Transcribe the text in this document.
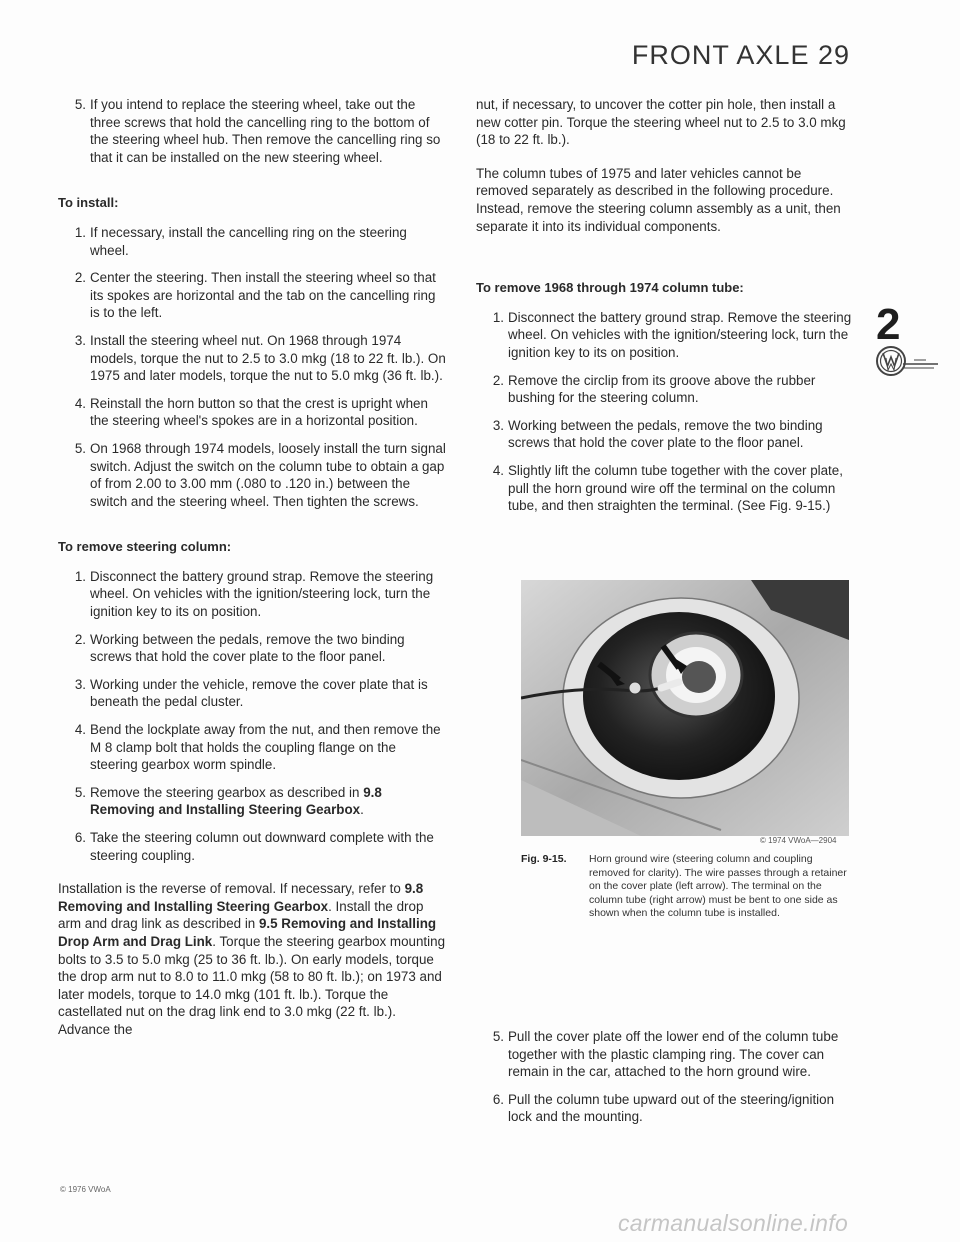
FRONT AXLE 29
5. If you intend to replace the steering wheel, take out the three screws that hold the cancelling ring to the bottom of the steering wheel hub. Then remove the cancelling ring so that it can be installed on the new steering wheel.
To install:
1. If necessary, install the cancelling ring on the steering wheel.
2. Center the steering. Then install the steering wheel so that its spokes are horizontal and the tab on the cancelling ring is to the left.
3. Install the steering wheel nut. On 1968 through 1974 models, torque the nut to 2.5 to 3.0 mkg (18 to 22 ft. lb.). On 1975 and later models, torque the nut to 5.0 mkg (36 ft. lb.).
4. Reinstall the horn button so that the crest is upright when the steering wheel's spokes are in a horizontal position.
5. On 1968 through 1974 models, loosely install the turn signal switch. Adjust the switch on the column tube to obtain a gap of from 2.00 to 3.00 mm (.080 to .120 in.) between the switch and the steering wheel. Then tighten the screws.
To remove steering column:
1. Disconnect the battery ground strap. Remove the steering wheel. On vehicles with the ignition/steering lock, turn the ignition key to its on position.
2. Working between the pedals, remove the two binding screws that hold the cover plate to the floor panel.
3. Working under the vehicle, remove the cover plate that is beneath the pedal cluster.
4. Bend the lockplate away from the nut, and then remove the M 8 clamp bolt that holds the coupling flange on the steering gearbox worm spindle.
5. Remove the steering gearbox as described in 9.8 Removing and Installing Steering Gearbox.
6. Take the steering column out downward complete with the steering coupling.
Installation is the reverse of removal. If necessary, refer to 9.8 Removing and Installing Steering Gearbox. Install the drop arm and drag link as described in 9.5 Removing and Installing Drop Arm and Drag Link. Torque the steering gearbox mounting bolts to 3.5 to 5.0 mkg (25 to 36 ft. lb.). On early models, torque the drop arm nut to 8.0 to 11.0 mkg (58 to 80 ft. lb.); on 1973 and later models, torque to 14.0 mkg (101 ft. lb.). Torque the castellated nut on the drag link end to 3.0 mkg (22 ft. lb.). Advance the
© 1976 VWoA
nut, if necessary, to uncover the cotter pin hole, then install a new cotter pin. Torque the steering wheel nut to 2.5 to 3.0 mkg (18 to 22 ft. lb.).
The column tubes of 1975 and later vehicles cannot be removed separately as described in the following procedure. Instead, remove the steering column assembly as a unit, then separate it into its individual components.
To remove 1968 through 1974 column tube:
1. Disconnect the battery ground strap. Remove the steering wheel. On vehicles with the ignition/steering lock, turn the ignition key to its on position.
2. Remove the circlip from its groove above the rubber bushing for the steering column.
3. Working between the pedals, remove the two binding screws that hold the cover plate to the floor panel.
4. Slightly lift the column tube together with the cover plate, pull the horn ground wire off the terminal on the column tube, and then straighten the terminal. (See Fig. 9-15.)
2
© 1974 VWoA—2904
Fig. 9-15.	Horn ground wire (steering column and coupling removed for clarity). The wire passes through a retainer on the cover plate (left arrow). The terminal on the column tube (right arrow) must be bent to one side as shown when the column tube is installed.
5. Pull the cover plate off the lower end of the column tube together with the plastic clamping ring. The cover can remain in the car, attached to the horn ground wire.
6. Pull the column tube upward out of the steering/ignition lock and the mounting.
carmanualsonline.info
